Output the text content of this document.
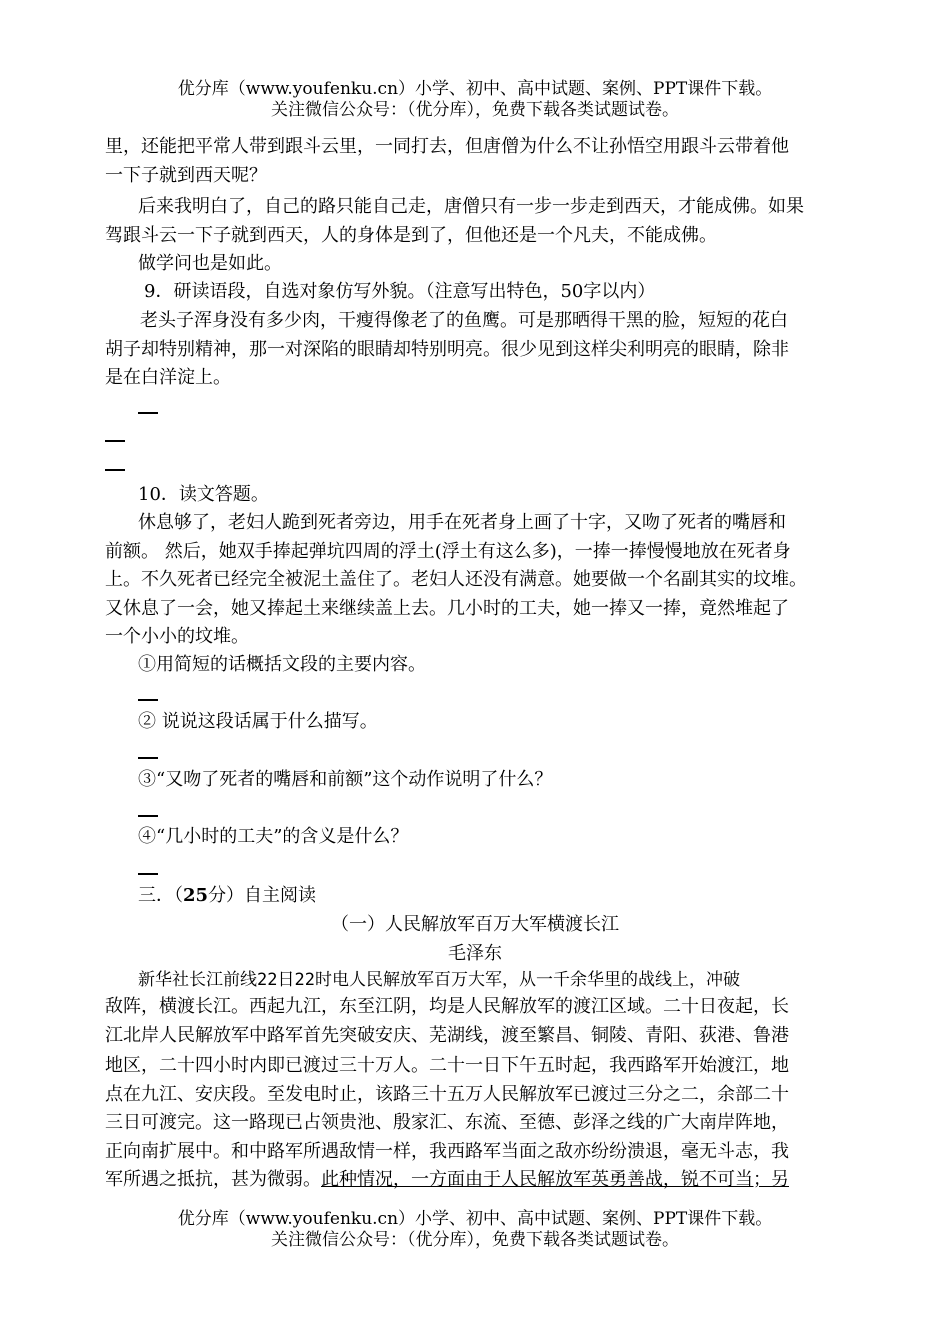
优分库（www.youfenku.cn）小学、初中、高中试题、案例、PPT课件下载。
关注微信公众号：（优分库），免费下载各类试题试卷。
里，还能把平常人带到跟斗云里，一同打去，但唐僧为什么不让孙悟空用跟斗云带着他
一下子就到西天呢？
后来我明白了，自己的路只能自己走，唐僧只有一步一步走到西天，才能成佛。如果
驾跟斗云一下子就到西天，人的身体是到了，但他还是一个凡夫，不能成佛。
做学问也是如此。
9．研读语段，自选对象仿写外貌。（注意写出特色，50字以内）
老头子浑身没有多少肉，干瘦得像老了的鱼鹰。可是那晒得干黑的脸，短短的花白
胡子却特别精神，那一对深陷的眼睛却特别明亮。很少见到这样尖利明亮的眼睛，除非
是在白洋淀上。
10．读文答题。
休息够了，老妇人跪到死者旁边，用手在死者身上画了十字，又吻了死者的嘴唇和
前额。 然后，她双手捧起弹坑四周的浮土(浮土有这么多)，一捧一捧慢慢地放在死者身
上。不久死者已经完全被泥土盖住了。老妇人还没有满意。她要做一个名副其实的坟堆。
又休息了一会，她又捧起土来继续盖上去。几小时的工夫，她一捧又一捧，竟然堆起了
一个小小的坟堆。
①用简短的话概括文段的主要内容。
② 说说这段话属于什么描写。
③“又吻了死者的嘴唇和前额”这个动作说明了什么？
④“几小时的工夫”的含义是什么？
三．（25分）自主阅读
（一）人民解放军百万大军横渡长江
毛泽东
新华社长江前线22日22时电人民解放军百万大军，从一千余华里的战线上，冲破
敌阵，横渡长江。西起九江，东至江阴，均是人民解放军的渡江区域。二十日夜起，长
江北岸人民解放军中路军首先突破安庆、芜湖线，渡至繁昌、铜陵、青阳、荻港、鲁港
地区，二十四小时内即已渡过三十万人。二十一日下午五时起，我西路军开始渡江，地
点在九江、安庆段。至发电时止，该路三十五万人民解放军已渡过三分之二，余部二十
三日可渡完。这一路现已占领贵池、殷家汇、东流、至德、彭泽之线的广大南岸阵地，
正向南扩展中。和中路军所遇敌情一样，我西路军当面之敌亦纷纷溃退，毫无斗志，我
军所遇之抵抗，甚为微弱。此种情况，一方面由于人民解放军英勇善战，锐不可当；另
优分库（www.youfenku.cn）小学、初中、高中试题、案例、PPT课件下载。
关注微信公众号：（优分库），免费下载各类试题试卷。
